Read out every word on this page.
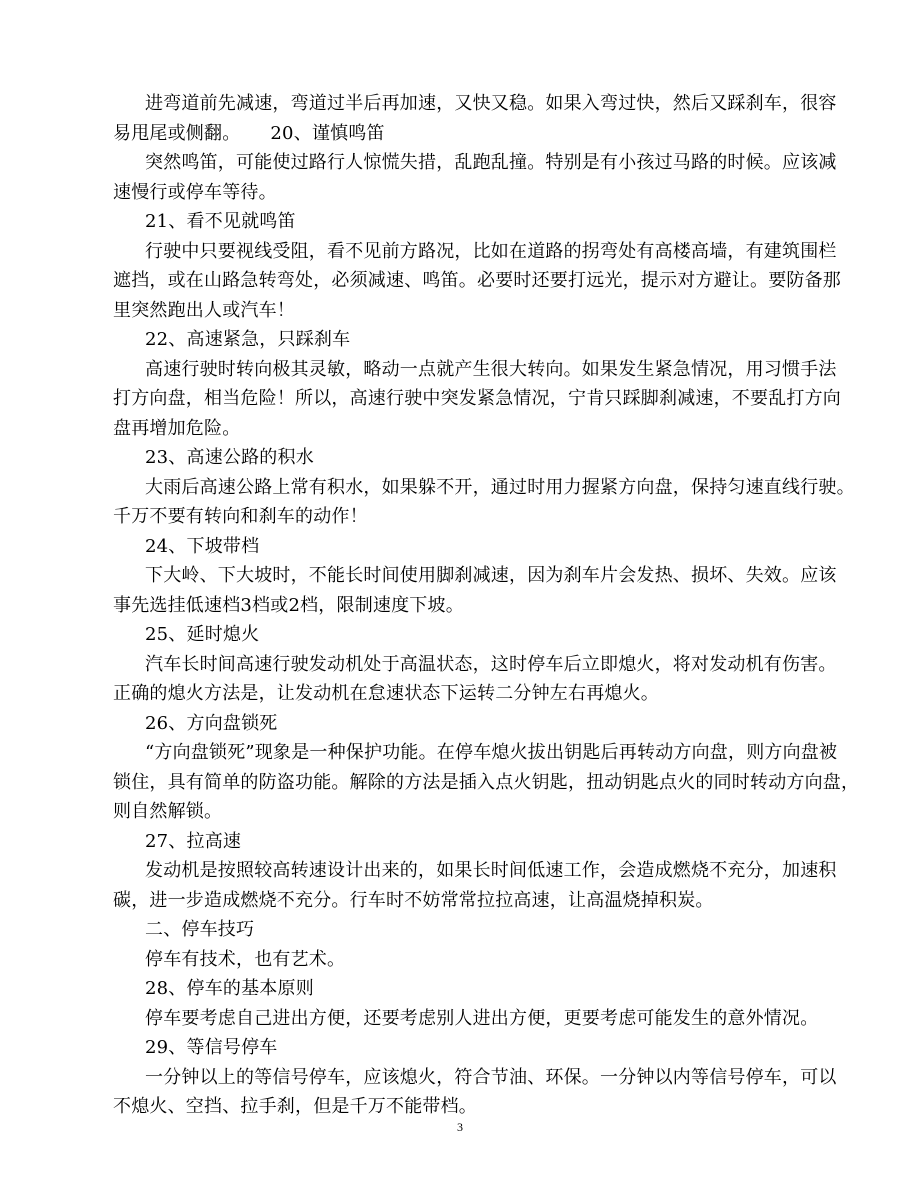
进弯道前先减速，弯道过半后再加速，又快又稳。如果入弯过快，然后又踩刹车，很容
易甩尾或侧翻。 20、谨慎鸣笛
突然鸣笛，可能使过路行人惊慌失措，乱跑乱撞。特别是有小孩过马路的时候。应该减
速慢行或停车等待。
21、看不见就鸣笛
行驶中只要视线受阻，看不见前方路况，比如在道路的拐弯处有高楼高墙，有建筑围栏
遮挡，或在山路急转弯处，必须减速、鸣笛。必要时还要打远光，提示对方避让。要防备那
里突然跑出人或汽车！
22、高速紧急，只踩刹车
高速行驶时转向极其灵敏，略动一点就产生很大转向。如果发生紧急情况，用习惯手法
打方向盘，相当危险！所以，高速行驶中突发紧急情况，宁肯只踩脚刹减速，不要乱打方向
盘再增加危险。
23、高速公路的积水
大雨后高速公路上常有积水，如果躲不开，通过时用力握紧方向盘，保持匀速直线行驶。
千万不要有转向和刹车的动作！
24、下坡带档
下大岭、下大坡时，不能长时间使用脚刹减速，因为刹车片会发热、损坏、失效。应该
事先选挂低速档3档或2档，限制速度下坡。
25、延时熄火
汽车长时间高速行驶发动机处于高温状态，这时停车后立即熄火，将对发动机有伤害。
正确的熄火方法是，让发动机在怠速状态下运转二分钟左右再熄火。
26、方向盘锁死
“方向盘锁死”现象是一种保护功能。在停车熄火拔出钥匙后再转动方向盘，则方向盘被
锁住，具有简单的防盗功能。解除的方法是插入点火钥匙，扭动钥匙点火的同时转动方向盘，
则自然解锁。
27、拉高速
发动机是按照较高转速设计出来的，如果长时间低速工作，会造成燃烧不充分，加速积
碳，进一步造成燃烧不充分。行车时不妨常常拉拉高速，让高温烧掉积炭。
二、停车技巧
停车有技术，也有艺术。
28、停车的基本原则
停车要考虑自己进出方便，还要考虑别人进出方便，更要考虑可能发生的意外情况。
29、等信号停车
一分钟以上的等信号停车，应该熄火，符合节油、环保。一分钟以内等信号停车，可以
不熄火、空挡、拉手刹，但是千万不能带档。
3
